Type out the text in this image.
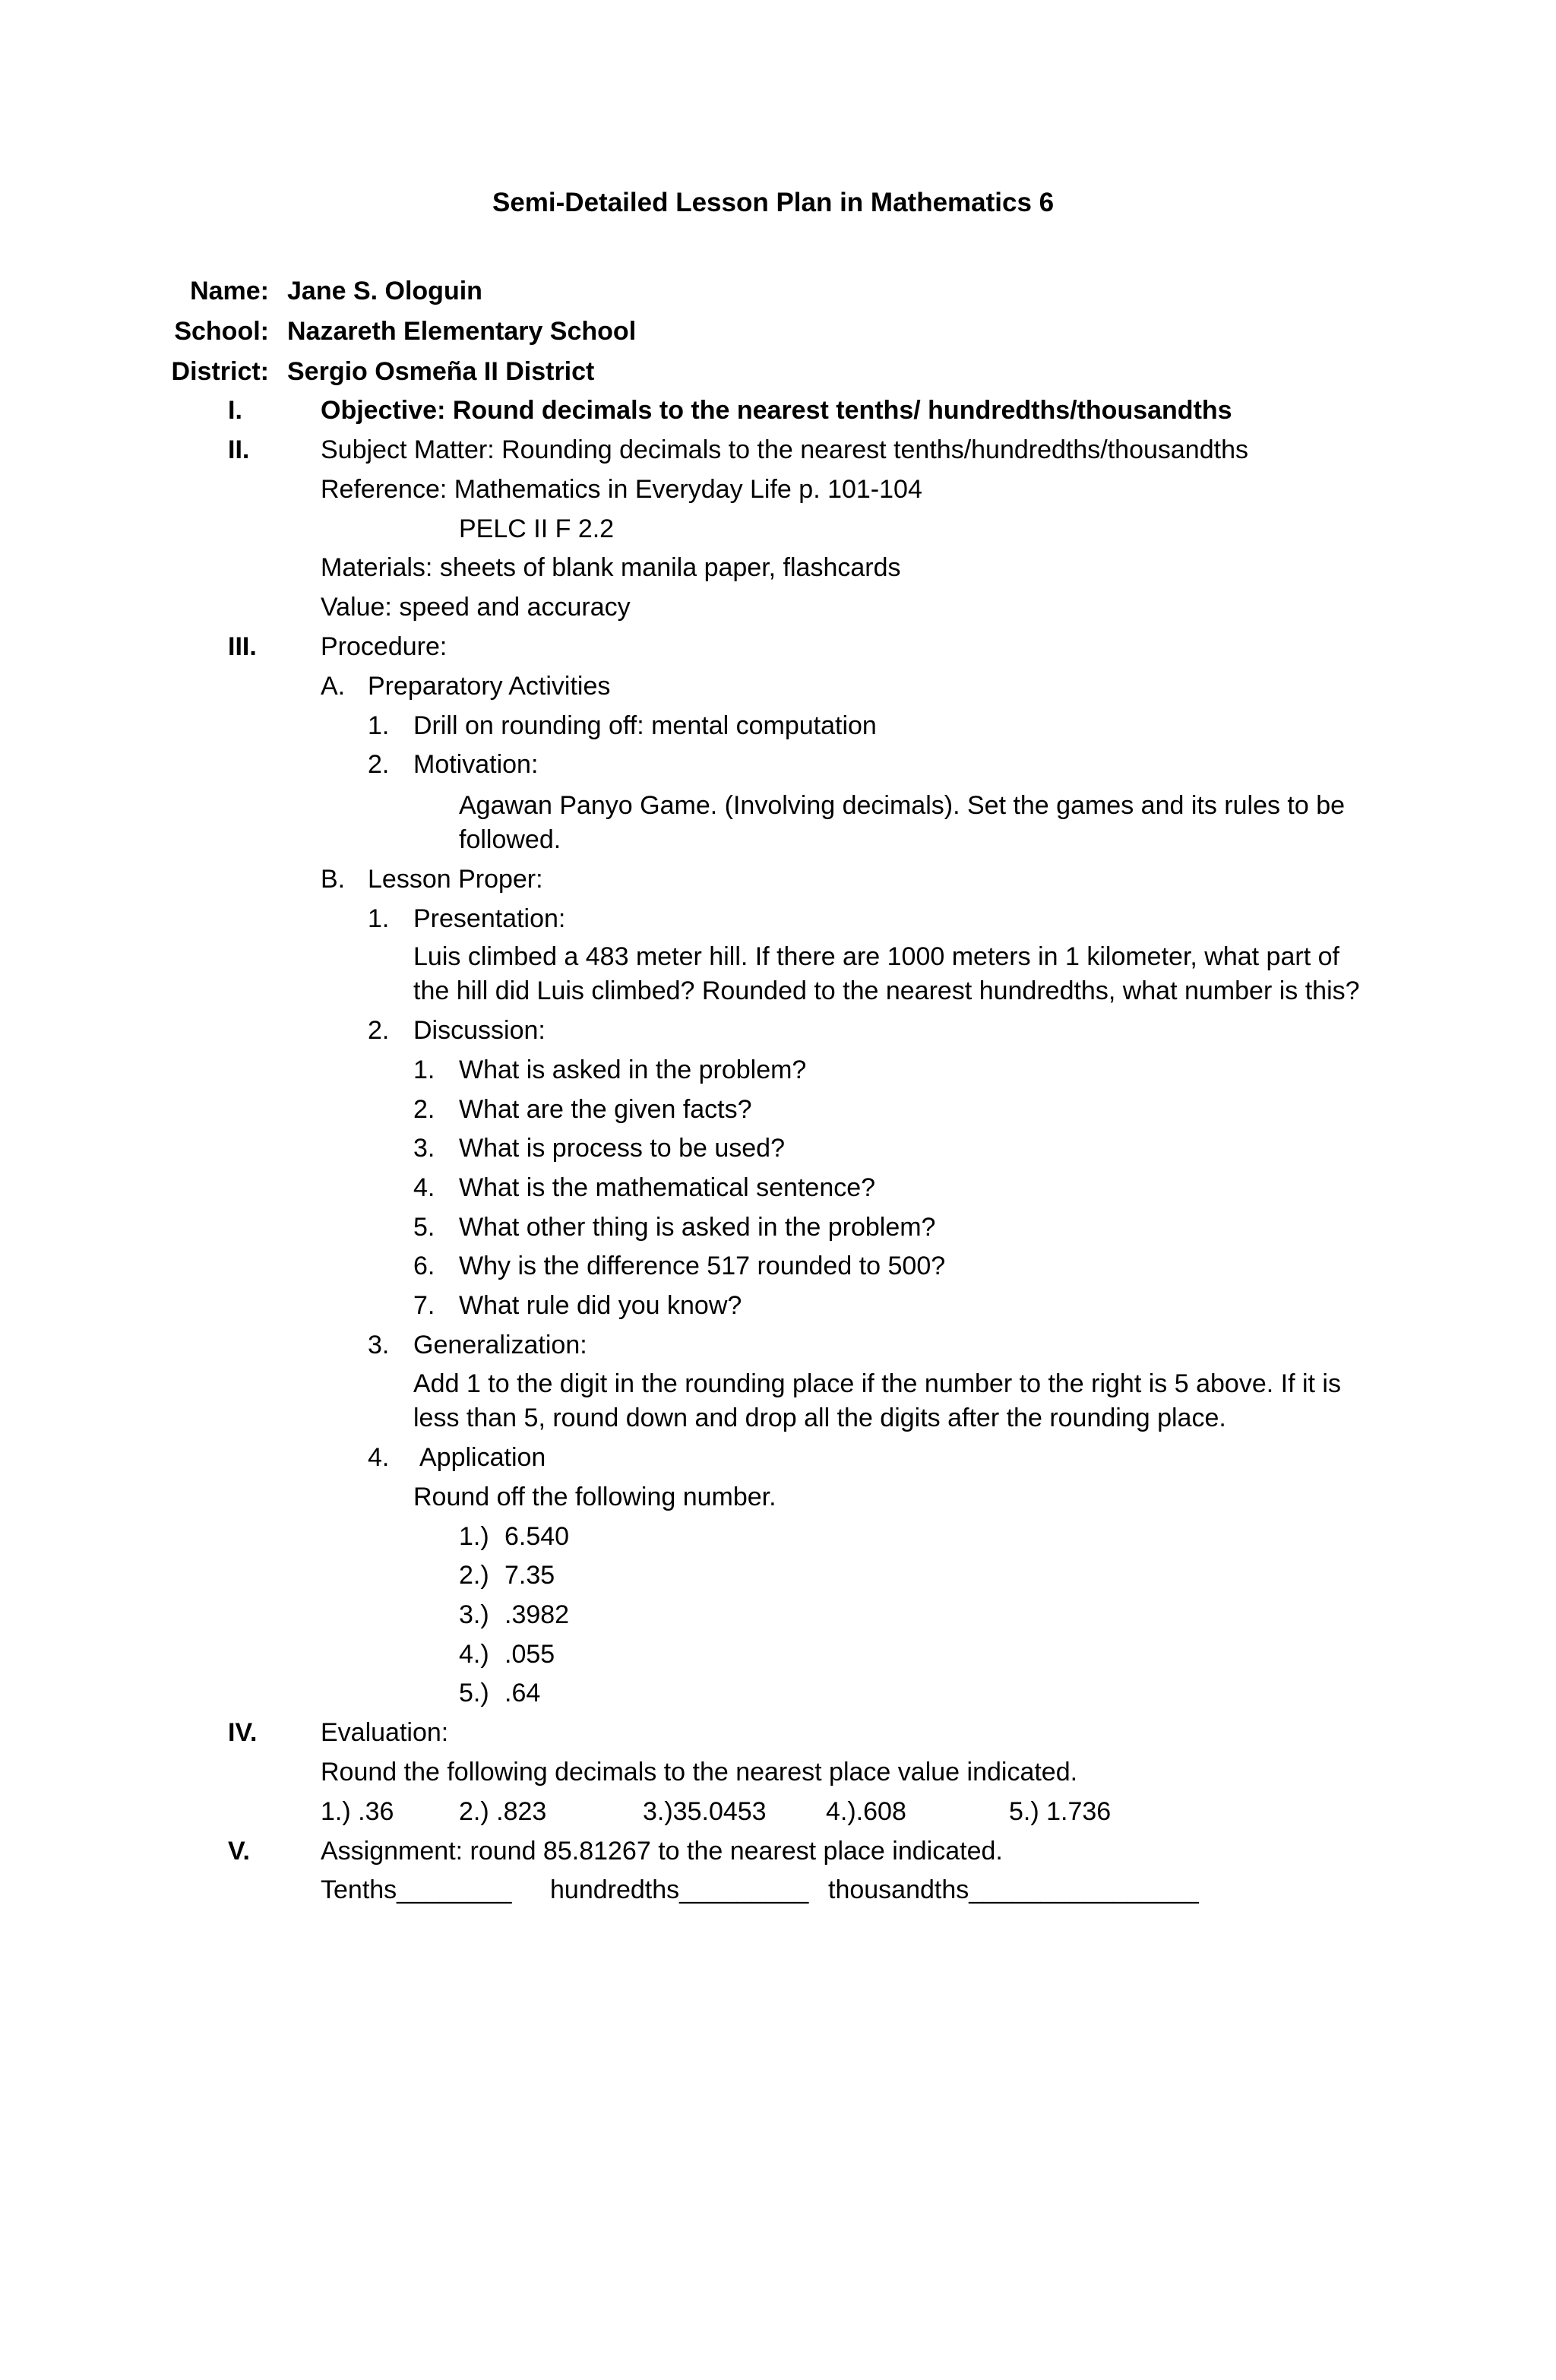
Semi-Detailed Lesson Plan in Mathematics 6
Name: Jane S. Ologuin
School: Nazareth Elementary School
District: Sergio Osmeña II District
I.	Objective: Round decimals to the nearest tenths/ hundredths/thousandths
II.	Subject Matter: Rounding decimals to the nearest tenths/hundredths/thousandths
Reference: Mathematics in Everyday Life p. 101-104
PELC II F 2.2
Materials: sheets of blank manila paper, flashcards
Value: speed and accuracy
III. Procedure:
A. Preparatory Activities
1. Drill on rounding off: mental computation
2. Motivation:
Agawan Panyo Game. (Involving decimals). Set the games and its rules to be
followed.
B. Lesson Proper:
1. Presentation:
Luis climbed a 483 meter hill. If there are 1000 meters in 1 kilometer, what part of
the hill did Luis climbed? Rounded to the nearest hundredths, what number is this?
2. Discussion:
1. What is asked in the problem?
2. What are the given facts?
3. What is process to be used?
4. What is the mathematical sentence?
5. What other thing is asked in the problem?
6. Why is the difference 517 rounded to 500?
7. What rule did you know?
3. Generalization:
Add 1 to the digit in the rounding place if the number to the right is 5 above. If it is
less than 5, round down and drop all the digits after the rounding place.
4. Application
Round off the following number.
1.) 6.540
2.) 7.35
3.) .3982
4.) .055
5.) .64
IV. Evaluation:
Round the following decimals to the nearest place value indicated.
1.) .36	2.) .823	3.)35.0453 4.).608	5.) 1.736
V.	Assignment: round 85.81267 to the nearest place indicated.
Tenths________ hundredths_________ thousandths________________
